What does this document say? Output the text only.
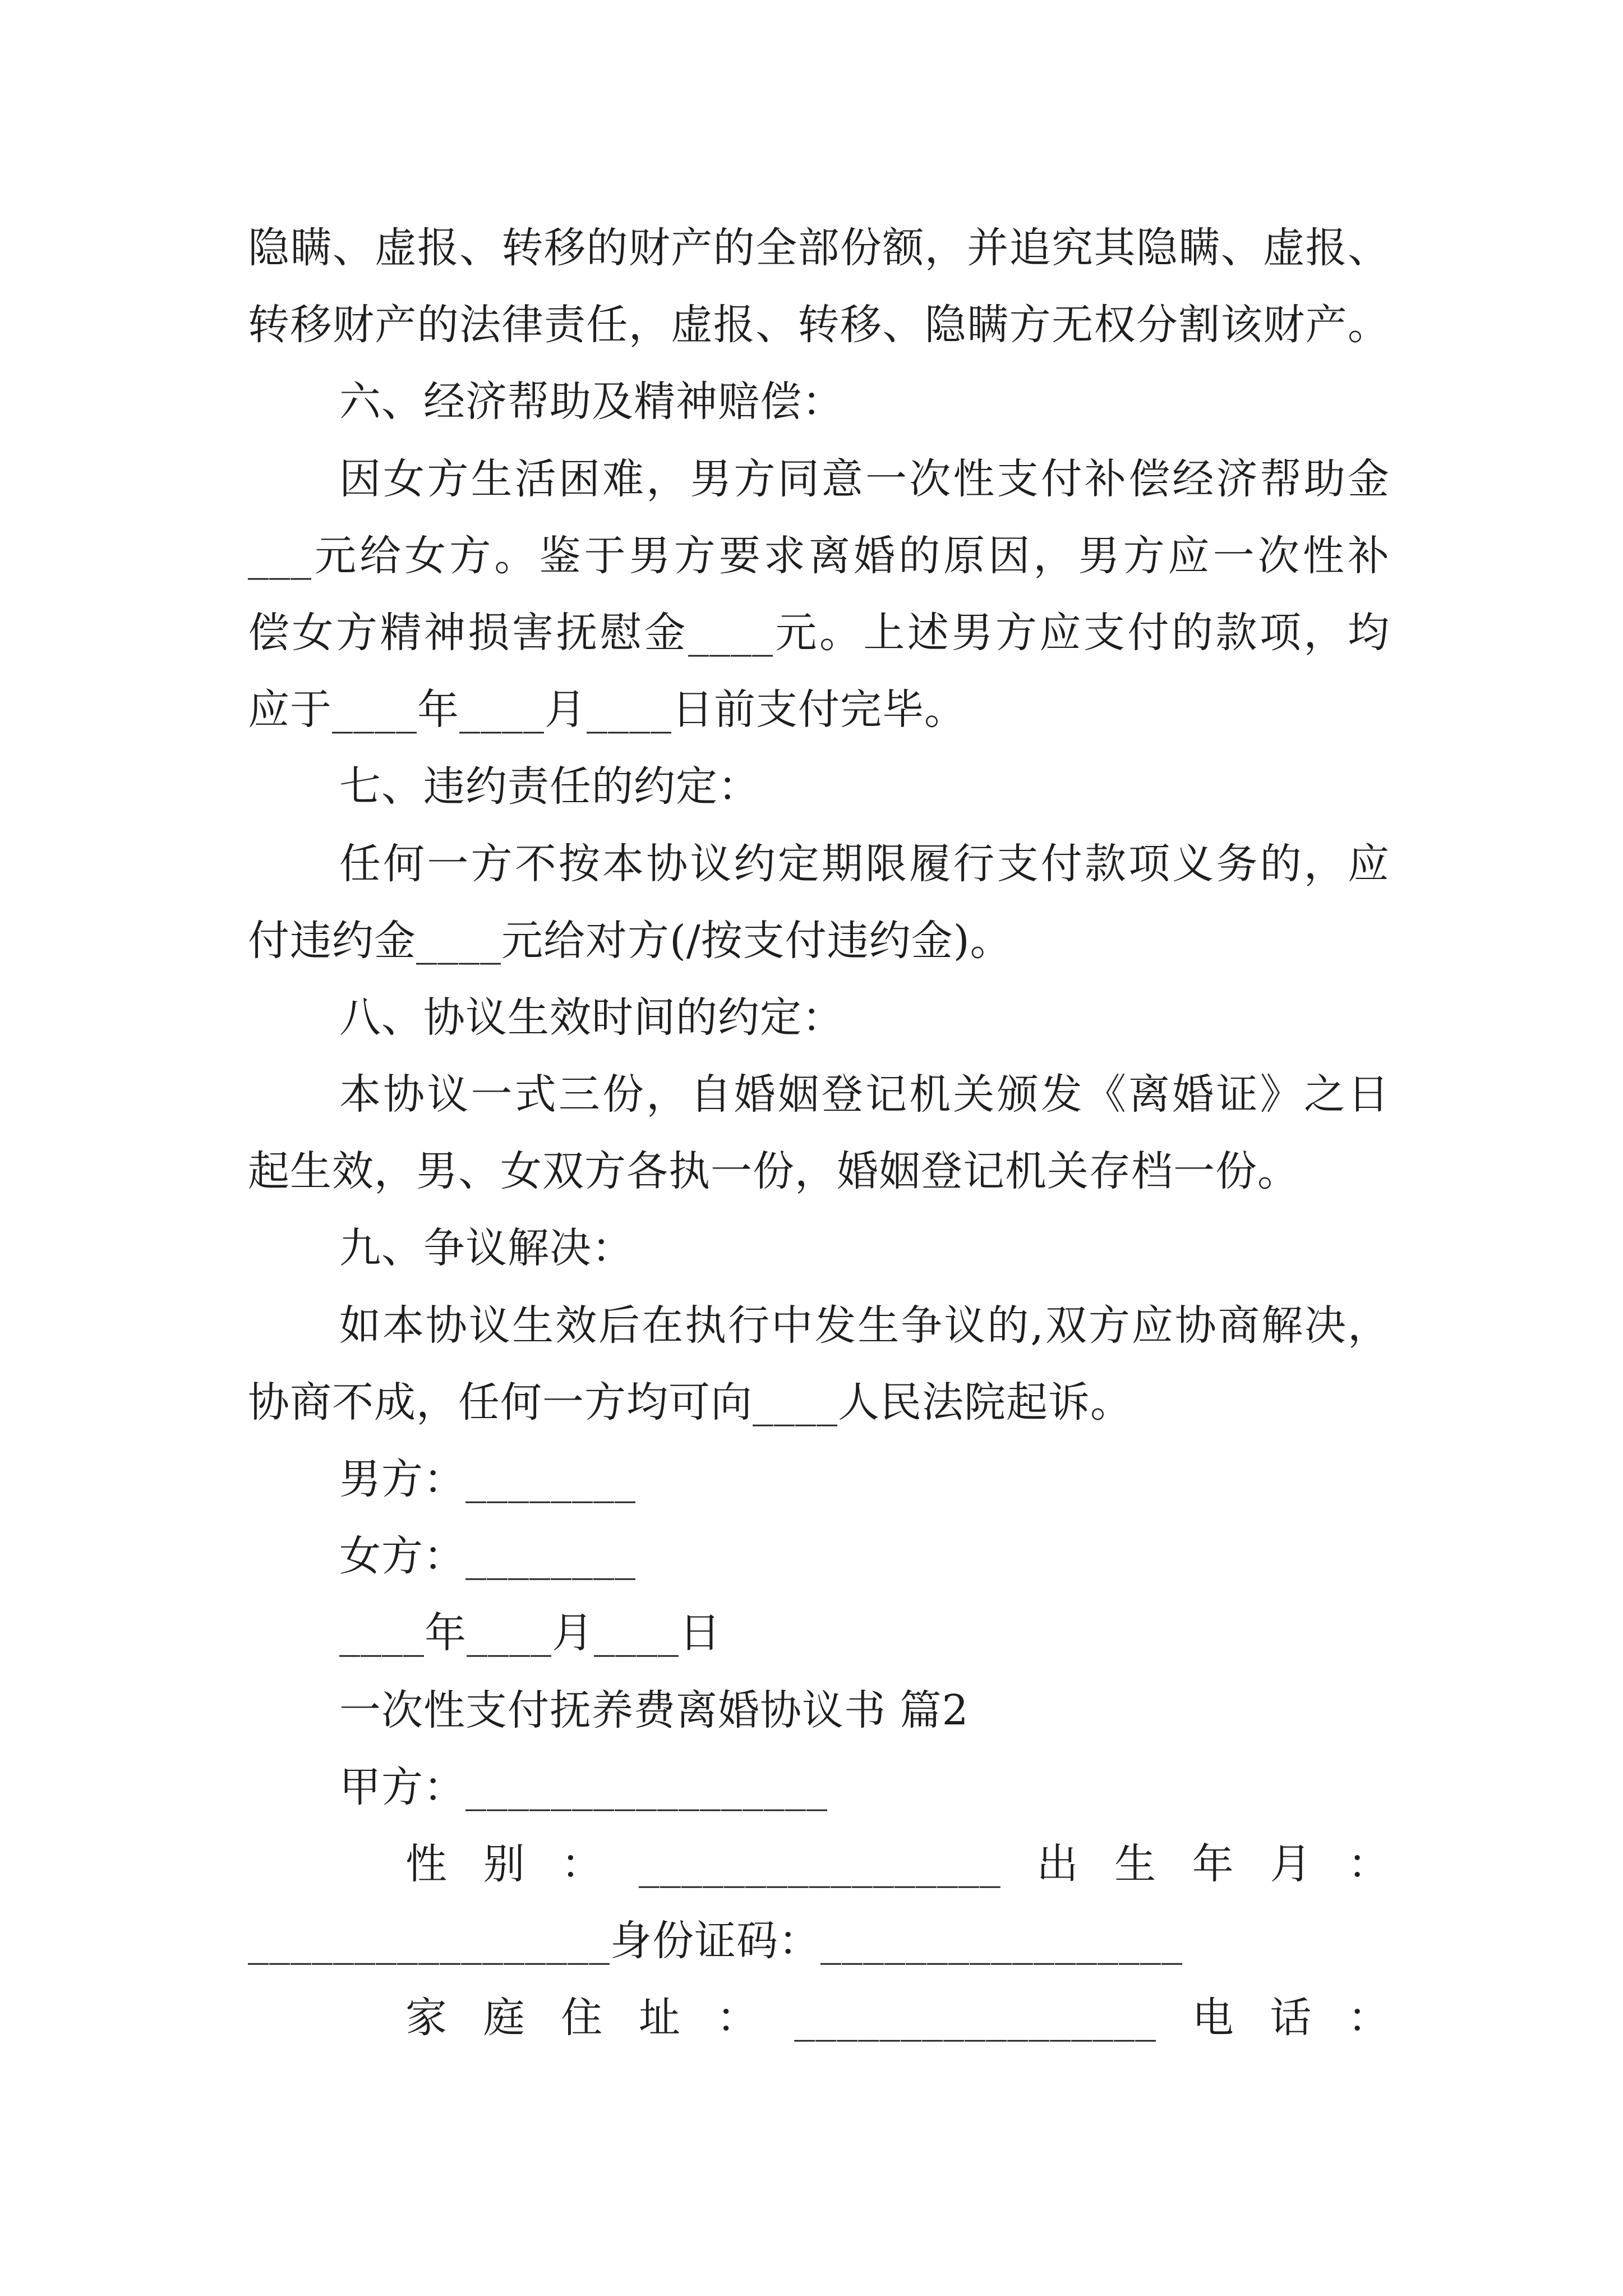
隐瞒、虚报、转移的财产的全部份额，并追究其隐瞒、虚报、
转移财产的法律责任，虚报、转移、隐瞒方无权分割该财产。
六、经济帮助及精神赔偿：
因女方生活困难，男方同意一次性支付补偿经济帮助金
___元给女方。鉴于男方要求离婚的原因，男方应一次性补
偿女方精神损害抚慰金____元。上述男方应支付的款项，均
应于____年____月____日前支付完毕。
七、违约责任的约定：
任何一方不按本协议约定期限履行支付款项义务的，应
付违约金____元给对方(/按支付违约金)。
八、协议生效时间的约定：
本协议一式三份，自婚姻登记机关颁发《离婚证》之日
起生效，男、女双方各执一份，婚姻登记机关存档一份。
九、争议解决：
如本协议生效后在执行中发生争议的,双方应协商解决，
协商不成，任何一方均可向____人民法院起诉。
男方：________
女方：________
____年____月____日
一次性支付抚养费离婚协议书 篇2
甲方：_________________
性别：_________________出生年月：
_________________身份证码：_________________
家庭住址：_________________电话：
